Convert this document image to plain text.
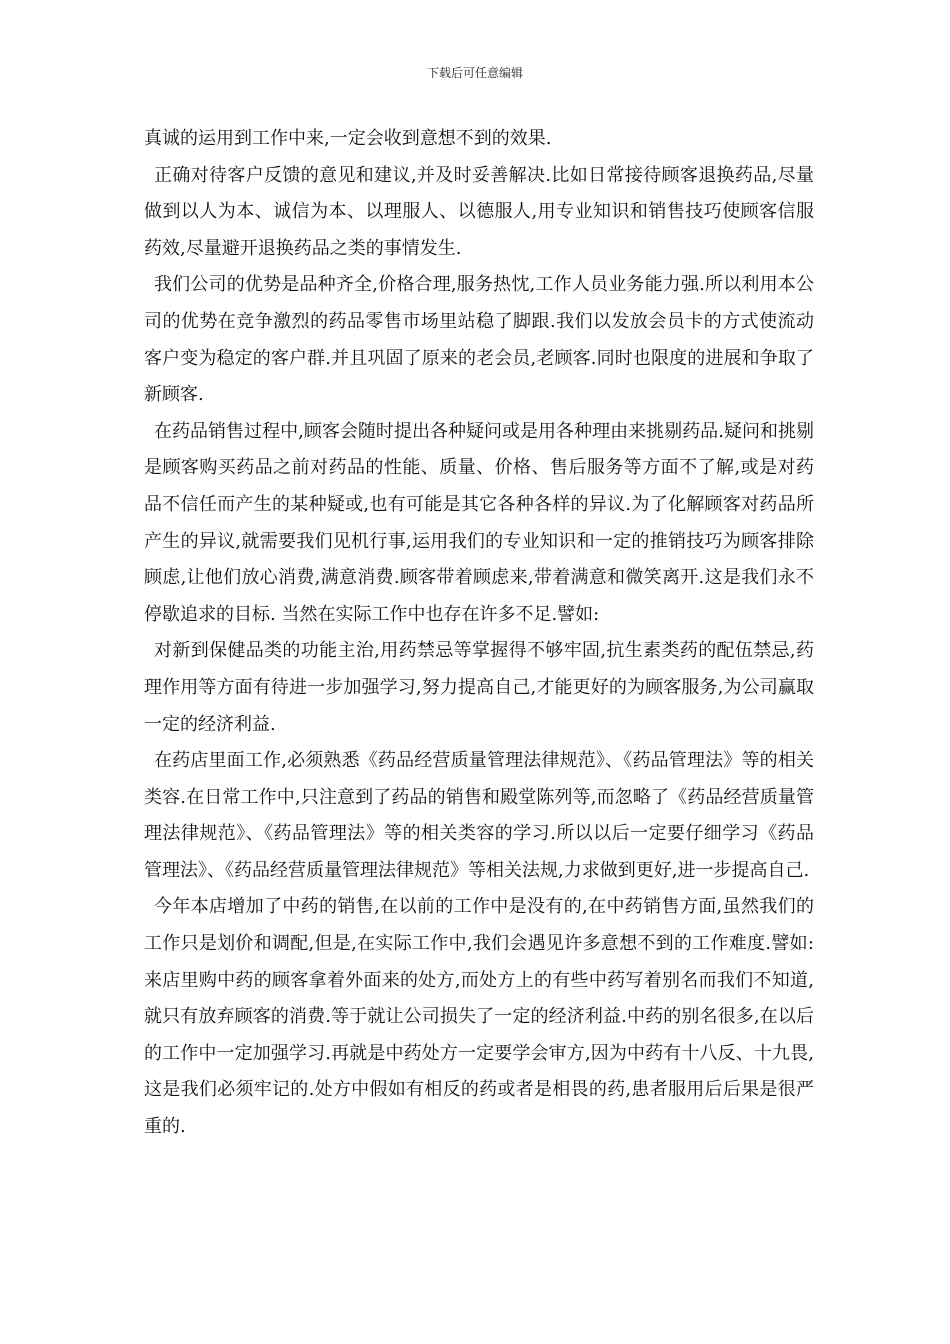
下载后可任意编辑

真诚的运用到工作中来,一定会收到意想不到的效果.

正确对待客户反馈的意见和建议,并及时妥善解决.比如日常接待顾客退换药品,尽量做到以人为本、诚信为本、以理服人、以德服人,用专业知识和销售技巧使顾客信服药效,尽量避开退换药品之类的事情发生.

我们公司的优势是品种齐全,价格合理,服务热忱,工作人员业务能力强.所以利用本公司的优势在竞争激烈的药品零售市场里站稳了脚跟.我们以发放会员卡的方式使流动客户变为稳定的客户群.并且巩固了原来的老会员,老顾客.同时也限度的进展和争取了新顾客.

在药品销售过程中,顾客会随时提出各种疑问或是用各种理由来挑剔药品.疑问和挑剔是顾客购买药品之前对药品的性能、质量、价格、售后服务等方面不了解,或是对药品不信任而产生的某种疑或,也有可能是其它各种各样的异议.为了化解顾客对药品所产生的异议,就需要我们见机行事,运用我们的专业知识和一定的推销技巧为顾客排除顾虑,让他们放心消费,满意消费.顾客带着顾虑来,带着满意和微笑离开.这是我们永不停歇追求的目标. 当然在实际工作中也存在许多不足.譬如:

对新到保健品类的功能主治,用药禁忌等掌握得不够牢固,抗生素类药的配伍禁忌,药理作用等方面有待进一步加强学习,努力提高自己,才能更好的为顾客服务,为公司赢取一定的经济利益.

在药店里面工作,必须熟悉《药品经营质量管理法律规范》、《药品管理法》等的相关类容.在日常工作中,只注意到了药品的销售和殿堂陈列等,而忽略了《药品经营质量管理法律规范》、《药品管理法》等的相关类容的学习.所以以后一定要仔细学习《药品管理法》、《药品经营质量管理法律规范》等相关法规,力求做到更好,进一步提高自己.

今年本店增加了中药的销售,在以前的工作中是没有的,在中药销售方面,虽然我们的工作只是划价和调配,但是,在实际工作中,我们会遇见许多意想不到的工作难度.譬如:来店里购中药的顾客拿着外面来的处方,而处方上的有些中药写着别名而我们不知道,就只有放弃顾客的消费.等于就让公司损失了一定的经济利益.中药的别名很多,在以后的工作中一定加强学习.再就是中药处方一定要学会审方,因为中药有十八反、十九畏,这是我们必须牢记的.处方中假如有相反的药或者是相畏的药,患者服用后后果是很严重的.
